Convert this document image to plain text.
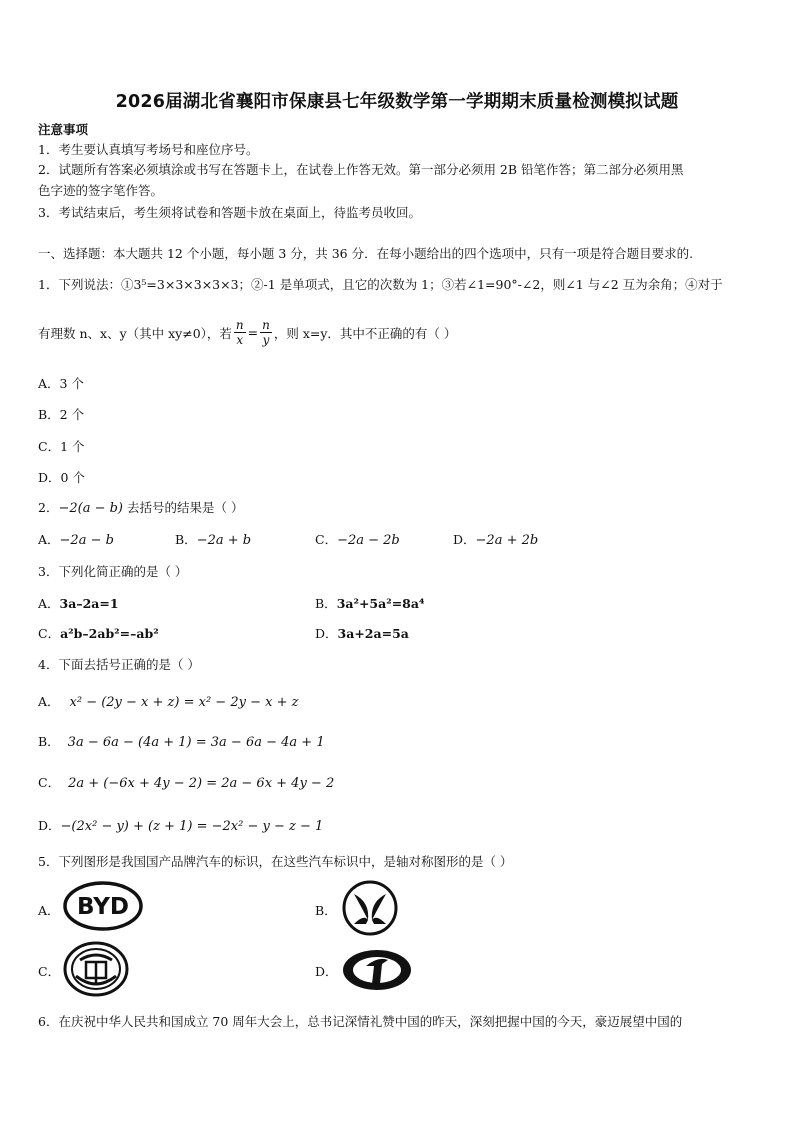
2026届湖北省襄阳市保康县七年级数学第一学期期末质量检测模拟试题
注意事项
1．考生要认真填写考场号和座位序号。
2．试题所有答案必须填涂或书写在答题卡上，在试卷上作答无效。第一部分必须用 2B 铅笔作答；第二部分必须用黑
色字迹的签字笔作答。
3．考试结束后，考生须将试卷和答题卡放在桌面上，待监考员收回。
一、选择题：本大题共 12 个小题，每小题 3 分，共 36 分．在每小题给出的四个选项中，只有一项是符合题目要求的.
1．下列说法：①3⁵=3×3×3×3×3；②-1 是单项式，且它的次数为 1；③若∠1=90°-∠2，则∠1 与∠2 互为余角；④对于
有理数 n、x、y（其中 xy≠0），若 $\frac{n}{x} = \frac{n}{y}$ ，则 x=y．其中不正确的有（ ）
A．3 个
B．2 个
C．1 个
D．0 个
2．−2(a − b) 去括号的结果是（ ）
A．−2a − b	B．−2a + b	C．−2a − 2b	D．−2a + 2b
3．下列化简正确的是（ ）
A．3a–2a=1	B．3a²+5a²=8a⁴
C．a²b–2ab²=–ab²	D．3a+2a=5a
4．下面去括号正确的是（ ）
A． x² − (2y − x + z) = x² − 2y − x + z
B． 3a − 6a − (4a + 1) = 3a − 6a − 4a + 1
C． 2a + (−6x + 4y − 2) = 2a − 6x + 4y − 2
D．−(2x² − y) + (z + 1) = −2x² − y − z − 1
5．下列图形是我国国产品牌汽车的标识，在这些汽车标识中，是轴对称图形的是（ ）
A． BYD	B．
C．	D．
6．在庆祝中华人民共和国成立 70 周年大会上，总书记深情礼赞中国的昨天，深刻把握中国的今天，豪迈展望中国的
